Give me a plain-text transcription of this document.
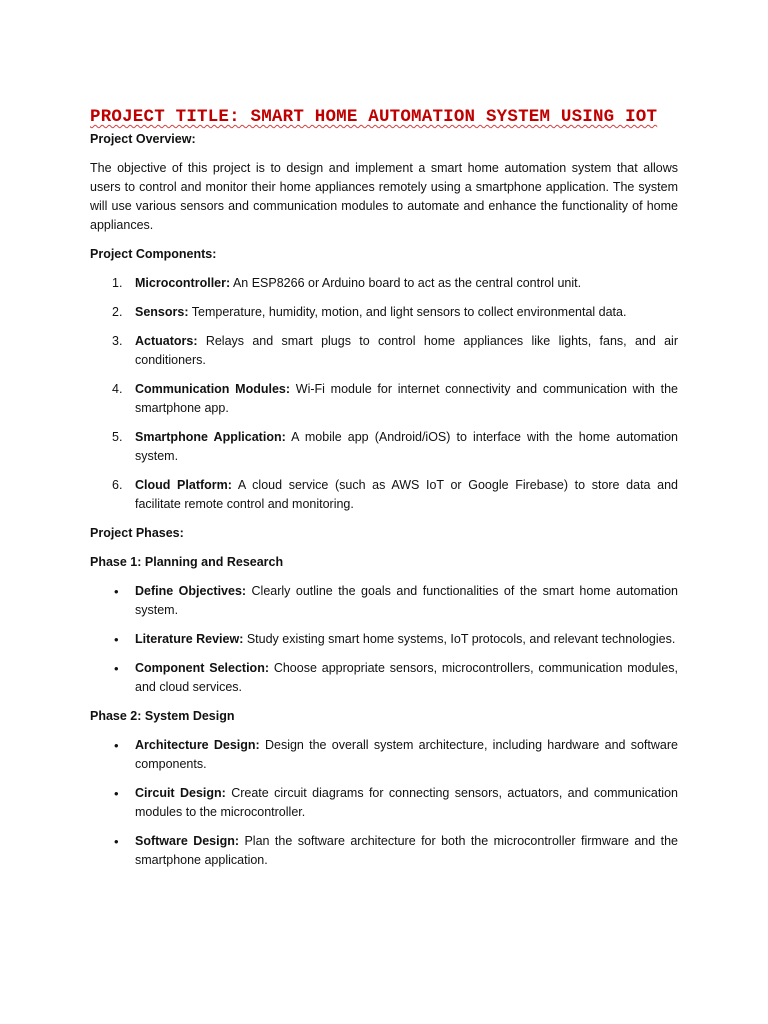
PROJECT TITLE: SMART HOME AUTOMATION SYSTEM USING IOT
Project Overview:

The objective of this project is to design and implement a smart home automation system that allows users to control and monitor their home appliances remotely using a smartphone application. The system will use various sensors and communication modules to automate and enhance the functionality of home appliances.

Project Components:
1. Microcontroller: An ESP8266 or Arduino board to act as the central control unit.
2. Sensors: Temperature, humidity, motion, and light sensors to collect environmental data.
3. Actuators: Relays and smart plugs to control home appliances like lights, fans, and air conditioners.
4. Communication Modules: Wi-Fi module for internet connectivity and communication with the smartphone app.
5. Smartphone Application: A mobile app (Android/iOS) to interface with the home automation system.
6. Cloud Platform: A cloud service (such as AWS IoT or Google Firebase) to store data and facilitate remote control and monitoring.
Project Phases:
Phase 1: Planning and Research
• Define Objectives: Clearly outline the goals and functionalities of the smart home automation system.
• Literature Review: Study existing smart home systems, IoT protocols, and relevant technologies.
• Component Selection: Choose appropriate sensors, microcontrollers, communication modules, and cloud services.
Phase 2: System Design
• Architecture Design: Design the overall system architecture, including hardware and software components.
• Circuit Design: Create circuit diagrams for connecting sensors, actuators, and communication modules to the microcontroller.
• Software Design: Plan the software architecture for both the microcontroller firmware and the smartphone application.
